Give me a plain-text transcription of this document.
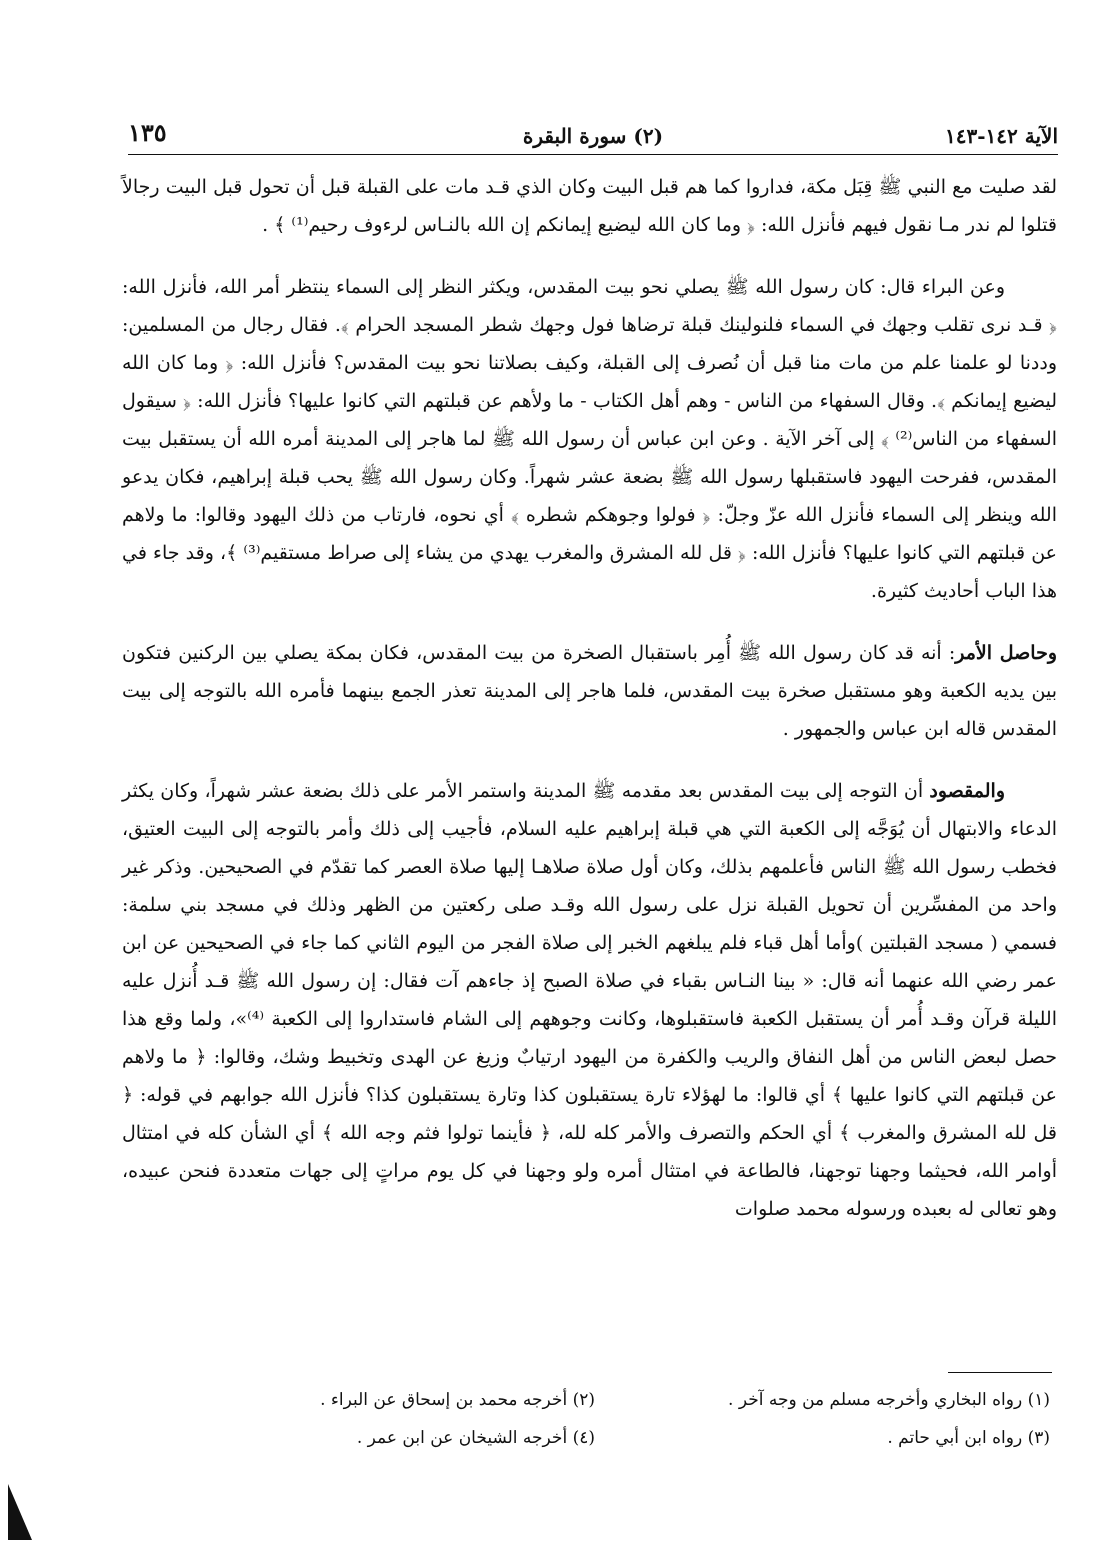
الآية ١٤٢-١٤٣
(٢) سورة البقرة
١٣٥

لقد صليت مع النبي ﷺ قِبَل مكة، فداروا كما هم قبل البيت وكان الذي قـد مات على القبلة قبل أن تحول قبل البيت رجالاً قتلوا لم ندر مـا نقول فيهم فأنزل الله: ﴿ وما كان الله ليضيع إيمانكم إن الله بالنـاس لرءوف رحيم⁽¹⁾ ﴾ .

وعن البراء قال: كان رسول الله ﷺ يصلي نحو بيت المقدس، ويكثر النظر إلى السماء ينتظر أمر الله، فأنزل الله: ﴿ قـد نرى تقلب وجهك في السماء فلنولينك قبلة ترضاها فول وجهك شطر المسجد الحرام ﴾. فقال رجال من المسلمين: وددنا لو علمنا علم من مات منا قبل أن نُصرف إلى القبلة، وكيف بصلاتنا نحو بيت المقدس؟ فأنزل الله: ﴿ وما كان الله ليضيع إيمانكم ﴾. وقال السفهاء من الناس - وهم أهل الكتاب - ما ولأهم عن قبلتهم التي كانوا عليها؟ فأنزل الله: ﴿ سيقول السفهاء من الناس⁽²⁾ ﴾ إلى آخر الآية . وعن ابن عباس أن رسول الله ﷺ لما هاجر إلى المدينة أمره الله أن يستقبل بيت المقدس، ففرحت اليهود فاستقبلها رسول الله ﷺ بضعة عشر شهراً. وكان رسول الله ﷺ يحب قبلة إبراهيم، فكان يدعو الله وينظر إلى السماء فأنزل الله عزّ وجلّ: ﴿ فولوا وجوهكم شطره ﴾ أي نحوه، فارتاب من ذلك اليهود وقالوا: ما ولاهم عن قبلتهم التي كانوا عليها؟ فأنزل الله: ﴿ قل لله المشرق والمغرب يهدي من يشاء إلى صراط مستقيم⁽³⁾ ﴾، وقد جاء في هذا الباب أحاديث كثيرة.

وحاصل الأمر: أنه قد كان رسول الله ﷺ أُمِر باستقبال الصخرة من بيت المقدس، فكان بمكة يصلي بين الركنين فتكون بين يديه الكعبة وهو مستقبل صخرة بيت المقدس، فلما هاجر إلى المدينة تعذر الجمع بينهما فأمره الله بالتوجه إلى بيت المقدس قاله ابن عباس والجمهور .

والمقصود أن التوجه إلى بيت المقدس بعد مقدمه ﷺ المدينة واستمر الأمر على ذلك بضعة عشر شهراً، وكان يكثر الدعاء والابتهال أن يُوَجَّه إلى الكعبة التي هي قبلة إبراهيم عليه السلام، فأجيب إلى ذلك وأمر بالتوجه إلى البيت العتيق، فخطب رسول الله ﷺ الناس فأعلمهم بذلك، وكان أول صلاة صلاهـا إليها صلاة العصر كما تقدّم في الصحيحين. وذكر غير واحد من المفسِّرين أن تحويل القبلة نزل على رسول الله وقـد صلى ركعتين من الظهر وذلك في مسجد بني سلمة: فسمي ( مسجد القبلتين )وأما أهل قباء فلم يبلغهم الخبر إلى صلاة الفجر من اليوم الثاني كما جاء في الصحيحين عن ابن عمر رضي الله عنهما أنه قال: « بينا النـاس بقباء في صلاة الصبح إذ جاءهم آت فقال: إن رسول الله ﷺ قـد أُنزل عليه الليلة قرآن وقـد أُمر أن يستقبل الكعبة فاستقبلوها، وكانت وجوههم إلى الشام فاستداروا إلى الكعبة ⁽⁴⁾»، ولما وقع هذا حصل لبعض الناس من أهل النفاق والريب والكفرة من اليهود ارتيابٌ وزيغ عن الهدى وتخبيط وشك، وقالوا: ﴿ ما ولاهم عن قبلتهم التي كانوا عليها ﴾ أي قالوا: ما لهؤلاء تارة يستقبلون كذا وتارة يستقبلون كذا؟ فأنزل الله جوابهم في قوله: ﴿ قل لله المشرق والمغرب ﴾ أي الحكم والتصرف والأمر كله لله، ﴿ فأينما تولوا فثم وجه الله ﴾ أي الشأن كله في امتثال أوامر الله، فحيثما وجهنا توجهنا، فالطاعة في امتثال أمره ولو وجهنا في كل يوم مراتٍ إلى جهات متعددة فنحن عبيده، وهو تعالى له بعبده ورسوله محمد صلوات

(١) رواه البخاري وأخرجه مسلم من وجه آخر .
(٢) أخرجه محمد بن إسحاق عن البراء .
(٣) رواه ابن أبي حاتم .
(٤) أخرجه الشيخان عن ابن عمر .
